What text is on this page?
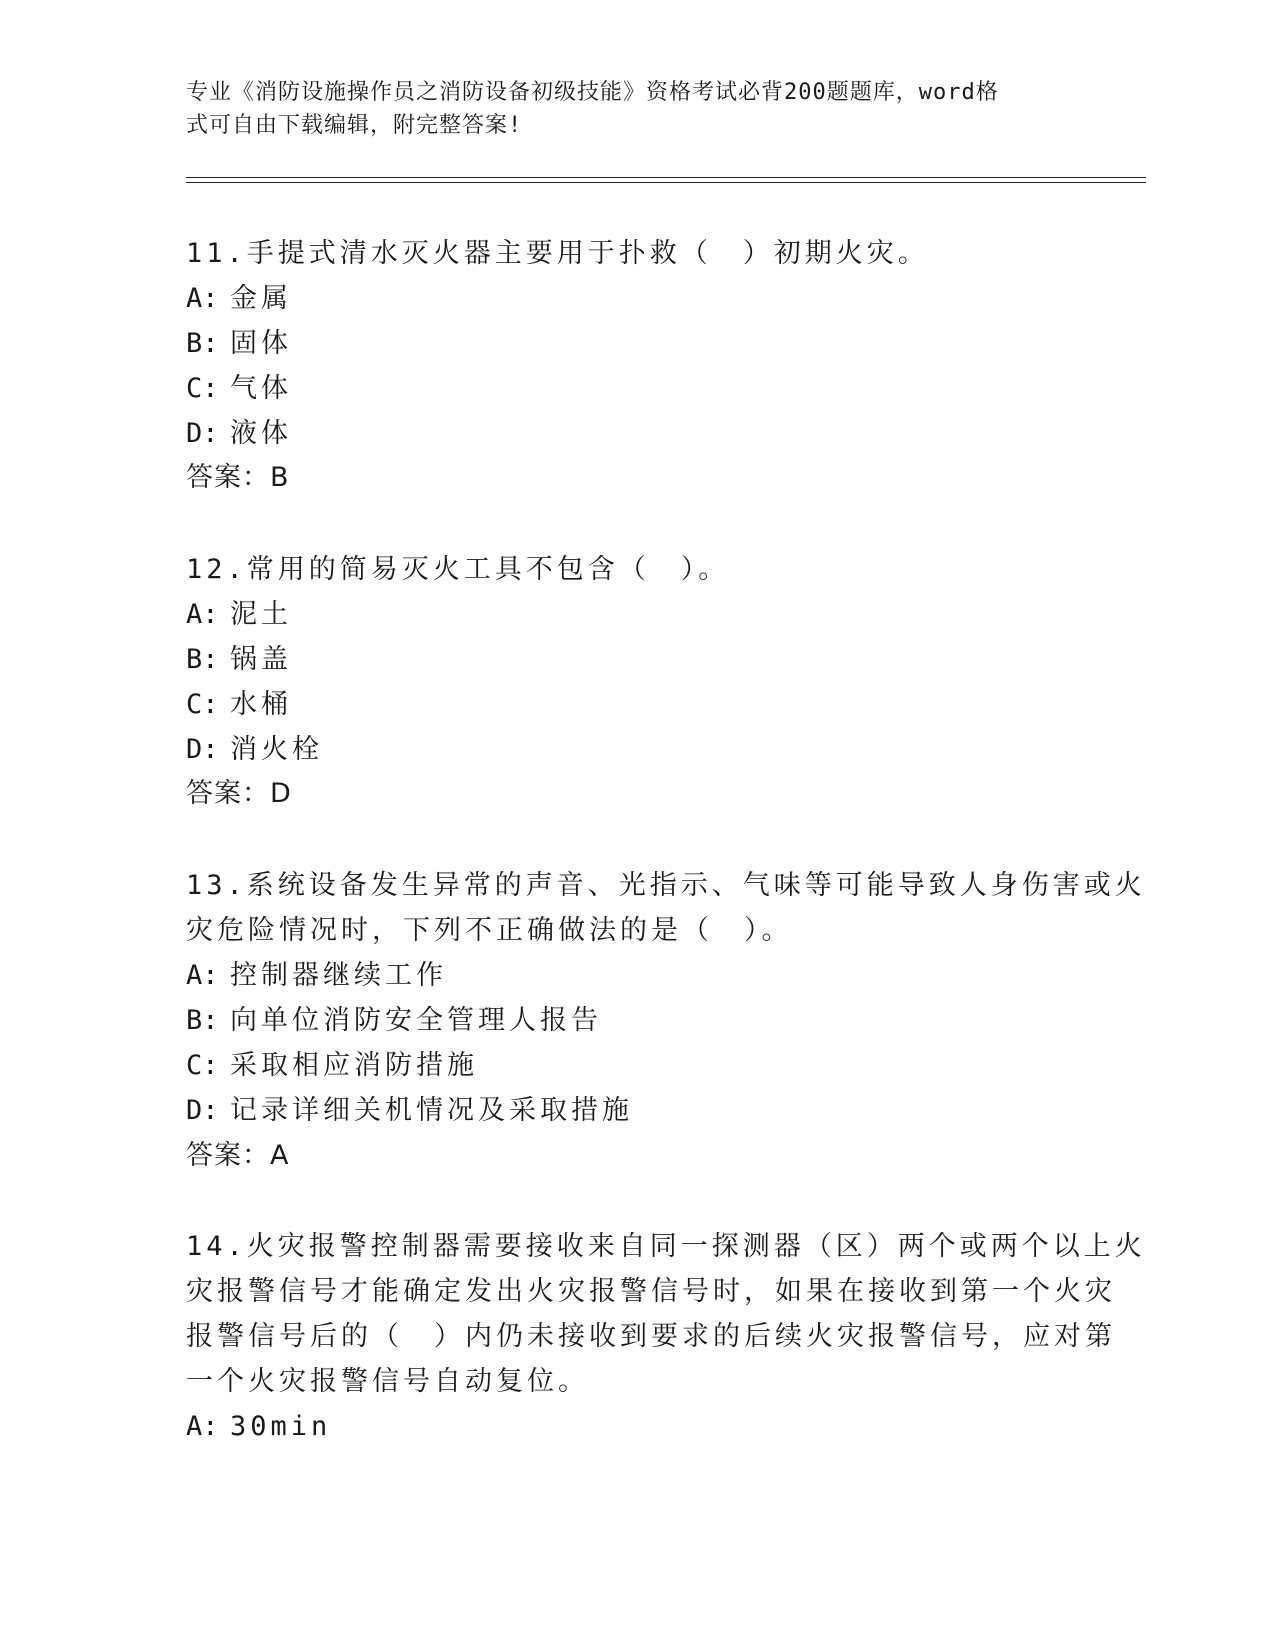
专业《消防设施操作员之消防设备初级技能》资格考试必背200题题库，word格
式可自由下载编辑，附完整答案!
11.手提式清水灭火器主要用于扑救（　）初期火灾。
A: 金属
B: 固体
C: 气体
D: 液体
答案：B
12.常用的简易灭火工具不包含（　）。
A: 泥土
B: 锅盖
C: 水桶
D: 消火栓
答案：D
13.系统设备发生异常的声音、光指示、气味等可能导致人身伤害或火
灾危险情况时，下列不正确做法的是（　）。
A: 控制器继续工作
B: 向单位消防安全管理人报告
C: 采取相应消防措施
D: 记录详细关机情况及采取措施
答案：A
14.火灾报警控制器需要接收来自同一探测器（区）两个或两个以上火
灾报警信号才能确定发出火灾报警信号时，如果在接收到第一个火灾
报警信号后的（　）内仍未接收到要求的后续火灾报警信号，应对第
一个火灾报警信号自动复位。
A: 30min
